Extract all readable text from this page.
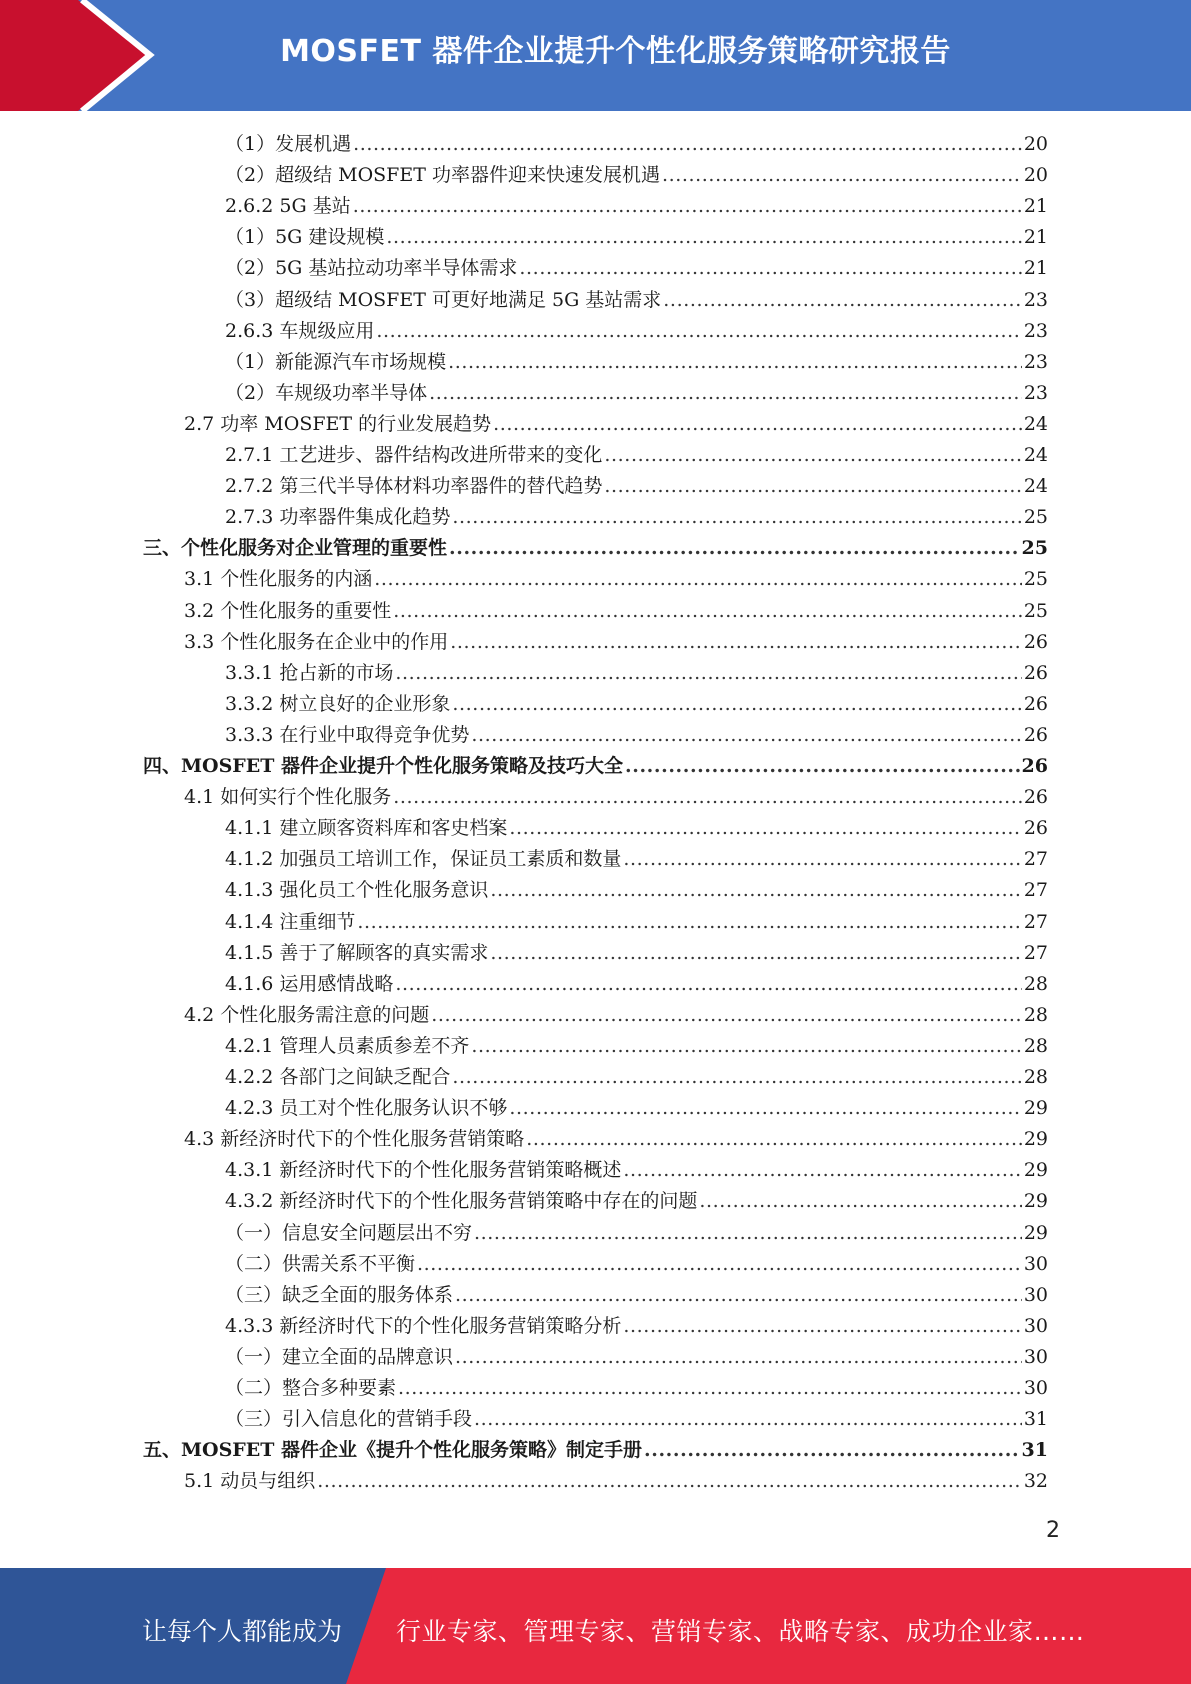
MOSFET 器件企业提升个性化服务策略研究报告
（1）发展机遇 .....	20
（2）超级结 MOSFET 功率器件迎来快速发展机遇 .....	20
2.6.2 5G 基站 .....	21
（1）5G 建设规模 .....	21
（2）5G 基站拉动功率半导体需求 .....	21
（3）超级结 MOSFET 可更好地满足 5G 基站需求 .....	23
2.6.3 车规级应用 .....	23
（1）新能源汽车市场规模 .....	23
（2）车规级功率半导体 .....	23
2.7 功率 MOSFET 的行业发展趋势 .....	24
2.7.1 工艺进步、器件结构改进所带来的变化 .....	24
2.7.2 第三代半导体材料功率器件的替代趋势 .....	24
2.7.3 功率器件集成化趋势 .....	25
三、个性化服务对企业管理的重要性 .....	25
3.1 个性化服务的内涵 .....	25
3.2 个性化服务的重要性 .....	25
3.3 个性化服务在企业中的作用 .....	26
3.3.1 抢占新的市场 .....	26
3.3.2 树立良好的企业形象 .....	26
3.3.3 在行业中取得竞争优势 .....	26
四、MOSFET 器件企业提升个性化服务策略及技巧大全 .....	26
4.1 如何实行个性化服务 .....	26
4.1.1 建立顾客资料库和客史档案 .....	26
4.1.2 加强员工培训工作，保证员工素质和数量 .....	27
4.1.3 强化员工个性化服务意识 .....	27
4.1.4 注重细节 .....	27
4.1.5 善于了解顾客的真实需求 .....	27
4.1.6 运用感情战略 .....	28
4.2 个性化服务需注意的问题 .....	28
4.2.1 管理人员素质参差不齐 .....	28
4.2.2 各部门之间缺乏配合 .....	28
4.2.3 员工对个性化服务认识不够 .....	29
4.3 新经济时代下的个性化服务营销策略 .....	29
4.3.1 新经济时代下的个性化服务营销策略概述 .....	29
4.3.2 新经济时代下的个性化服务营销策略中存在的问题 .....	29
（一）信息安全问题层出不穷 .....	29
（二）供需关系不平衡 .....	30
（三）缺乏全面的服务体系 .....	30
4.3.3 新经济时代下的个性化服务营销策略分析 .....	30
（一）建立全面的品牌意识 .....	30
（二）整合多种要素 .....	30
（三）引入信息化的营销手段 .....	31
五、MOSFET 器件企业《提升个性化服务策略》制定手册 .....	31
5.1 动员与组织 .....	32
2
让每个人都能成为 行业专家、管理专家、营销专家、战略专家、成功企业家……
